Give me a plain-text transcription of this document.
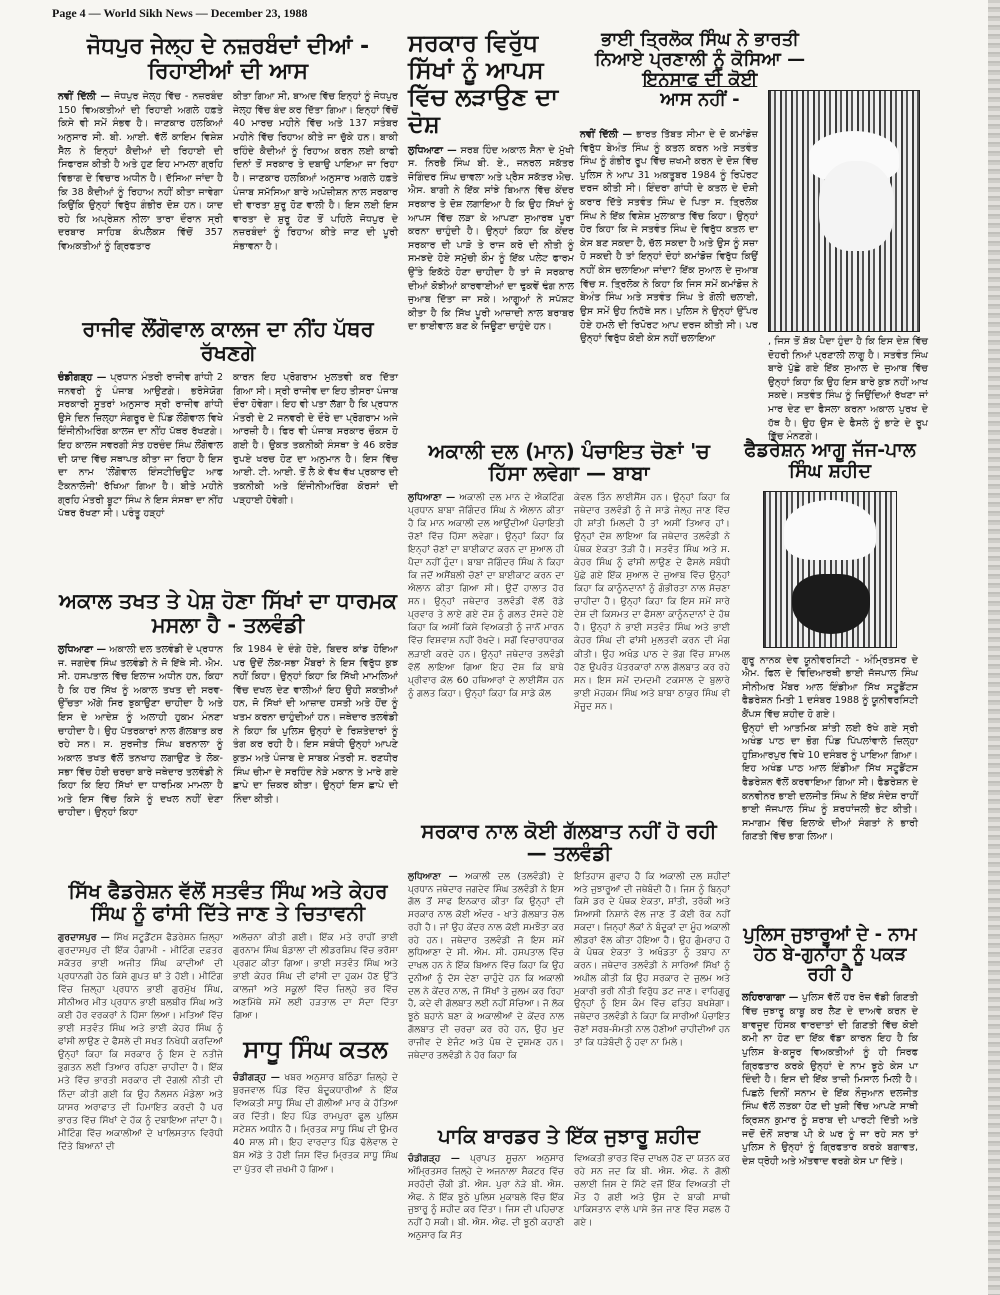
Page 4 — World Sikh News — December 23, 1988
ਜੋਧਪੁਰ ਜੇਲ੍ਹ ਦੇ ਨਜ਼ਰਬੰਦਾਂ ਦੀਆਂ - ਰਿਹਾਈਆਂ ਦੀ ਆਸ

ਨਵੀਂ ਦਿੱਲੀ — ਜੋਧਪੁਰ ਜੇਲ੍ਹ ਵਿੱਚ - ਨਜ਼ਰਬੰਦ 150 ਵਿਅਕਤੀਆਂ ਦੀ ਰਿਹਾਈ ਅਗਲੇ ਹਫ਼ਤੇ ਕਿਸੇ ਵੀ ਸਮੇਂ ਸੰਭਵ ਹੈ। ਜਾਣਕਾਰ ਹਲਕਿਆਂ ਅਨੁਸਾਰ ਸੀ. ਬੀ. ਆਈ. ਵੱਲੋਂ ਕਾਇਮ ਵਿਸ਼ੇਸ਼ ਸੈੱਲ ਨੇ ਇਨ੍ਹਾਂ ਕੈਦੀਆਂ ਦੀ ਰਿਹਾਈ ਦੀ ਸਿਫਾਰਸ਼ ਕੀਤੀ ਹੈ ਅਤੇ ਹੁਣ ਇਹ ਮਾਮਲਾ ਗ੍ਰਹਿ ਵਿਭਾਗ ਦੇ ਵਿਚਾਰ ਅਧੀਨ ਹੈ। ਦੱਸਿਆ ਜਾਂਦਾ ਹੈ ਕਿ 38 ਕੈਦੀਆਂ ਨੂੰ ਰਿਹਾਅ ਨਹੀਂ ਕੀਤਾ ਜਾਵੇਗਾ ਕਿਉਂਕਿ ਉਨ੍ਹਾਂ ਵਿਰੁੱਧ ਗੰਭੀਰ ਦੋਸ਼ ਹਨ। ਯਾਦ ਰਹੇ ਕਿ ਅਪ੍ਰੇਸ਼ਨ ਨੀਲਾ ਤਾਰਾ ਦੌਰਾਨ ਸ੍ਰੀ ਦਰਬਾਰ ਸਾਹਿਬ ਕੰਪਲੈਕਸ ਵਿੱਚੋਂ 357 ਵਿਅਕਤੀਆਂ ਨੂੰ ਗ੍ਰਿਫਤਾਰ

ਕੀਤਾ ਗਿਆ ਸੀ, ਬਾਅਦ ਵਿੱਚ ਇਨ੍ਹਾਂ ਨੂੰ ਜੋਧਪੁਰ ਜੇਲ੍ਹ ਵਿੱਚ ਬੰਦ ਕਰ ਦਿੱਤਾ ਗਿਆ। ਇਨ੍ਹਾਂ ਵਿੱਚੋਂ 40 ਮਾਰਚ ਮਹੀਨੇ ਵਿੱਚ ਅਤੇ 137 ਸਤੰਬਰ ਮਹੀਨੇ ਵਿੱਚ ਰਿਹਾਅ ਕੀਤੇ ਜਾ ਚੁੱਕੇ ਹਨ। ਬਾਕੀ ਰਹਿੰਦੇ ਕੈਦੀਆਂ ਨੂੰ ਰਿਹਾਅ ਕਰਨ ਲਈ ਕਾਫੀ ਦਿਨਾਂ ਤੋਂ ਸਰਕਾਰ ਤੇ ਦਬਾਉ ਪਾਇਆ ਜਾ ਰਿਹਾ ਹੈ। ਜਾਣਕਾਰ ਹਲਕਿਆਂ ਅਨੁਸਾਰ ਅਗਲੇ ਹਫ਼ਤੇ ਪੰਜਾਬ ਸਮੱਸਿਆ ਬਾਰੇ ਅਪੋਜ਼ੀਸ਼ਨ ਨਾਲ ਸਰਕਾਰ ਦੀ ਵਾਰਤਾ ਸ਼ੁਰੂ ਹੋਣ ਵਾਲੀ ਹੈ। ਇਸ ਲਈ ਇਸ ਵਾਰਤਾ ਦੇ ਸ਼ੁਰੂ ਹੋਣ ਤੋਂ ਪਹਿਲੇ ਜੋਧਪੁਰ ਦੇ ਨਜ਼ਰਬੰਦਾਂ ਨੂੰ ਰਿਹਾਅ ਕੀਤੇ ਜਾਣ ਦੀ ਪੂਰੀ ਸੰਭਾਵਨਾ ਹੈ।

ਰਾਜੀਵ ਲੌਂਗੋਵਾਲ ਕਾਲਜ ਦਾ ਨੀਂਹ ਪੱਥਰ ਰੱਖਣਗੇ

ਚੰਡੀਗੜ੍ਹ — ਪ੍ਰਧਾਨ ਮੰਤਰੀ ਰਾਜੀਵ ਗਾਂਧੀ 2 ਜਨਵਰੀ ਨੂੰ ਪੰਜਾਬ ਆਉਣਗੇ। ਭਰੋਸੇਯੋਗ ਸਰਕਾਰੀ ਸੂਤਰਾਂ ਅਨੁਸਾਰ ਸ੍ਰੀ ਰਾਜੀਵ ਗਾਂਧੀ ਉਸੇ ਦਿਨ ਜ਼ਿਲ੍ਹਾ ਸੰਗਰੂਰ ਦੇ ਪਿੰਡ ਲੌਂਗੋਵਾਲ ਵਿਖੇ ਇੰਜੀਨੀਅਰਿੰਗ ਕਾਲਜ ਦਾ ਨੀਂਹ ਪੱਥਰ ਰੱਖਣਗੇ। ਇਹ ਕਾਲਜ ਸਵਰਗੀ ਸੰਤ ਹਰਚੰਦ ਸਿੰਘ ਲੌਂਗੋਵਾਲ ਦੀ ਯਾਦ ਵਿੱਚ ਸਥਾਪਤ ਕੀਤਾ ਜਾ ਰਿਹਾ ਹੈ ਇਸ ਦਾ ਨਾਮ 'ਲੌਂਗੋਵਾਲ ਇੰਸਟੀਚਿਊਟ ਆਫ ਟੈਕਨਾਲੋਜੀ' ਰੱਖਿਆ ਗਿਆ ਹੈ। ਬੀਤੇ ਮਹੀਨੇ ਗ੍ਰਹਿ ਮੰਤਰੀ ਬੂਟਾ ਸਿੰਘ ਨੇ ਇਸ ਸੰਸਥਾ ਦਾ ਨੀਂਹ ਪੱਥਰ ਰੱਖਣਾ ਸੀ। ਪਰੰਤੂ ਹੜ੍ਹਾਂ

ਕਾਰਨ ਇਹ ਪ੍ਰੋਗਰਾਮ ਮੁਲਤਵੀ ਕਰ ਦਿੱਤਾ ਗਿਆ ਸੀ। ਸ੍ਰੀ ਰਾਜੀਵ ਦਾ ਇਹ ਤੀਸਰਾ ਪੰਜਾਬ ਦੌਰਾ ਹੋਵੇਗਾ। ਇਹ ਵੀ ਪਤਾ ਲੱਗਾ ਹੈ ਕਿ ਪ੍ਰਧਾਨ ਮੰਤਰੀ ਦੇ 2 ਜਨਵਰੀ ਦੇ ਦੌਰੇ ਦਾ ਪ੍ਰੋਗਰਾਮ ਅਜੇ ਆਰਜ਼ੀ ਹੈ। ਫਿਰ ਵੀ ਪੰਜਾਬ ਸਰਕਾਰ ਚੌਕਸ ਹੋ ਗਈ ਹੈ। ਉਕਤ ਤਕਨੀਕੀ ਸੰਸਥਾ ਤੇ 46 ਕਰੋੜ ਰੁਪਏ ਖਰਚ ਹੋਣ ਦਾ ਅਨੁਮਾਨ ਹੈ। ਇਸ ਵਿੱਚ ਆਈ. ਟੀ. ਆਈ. ਤੋਂ ਲੈ ਕੇ ਵੱਖ ਵੱਖ ਪ੍ਰਕਾਰ ਦੀ ਤਕਨੀਕੀ ਅਤੇ ਇੰਜੀਨੀਅਰਿੰਗ ਕੋਰਸਾਂ ਦੀ ਪੜ੍ਹਾਈ ਹੋਵੇਗੀ।

ਅਕਾਲ ਤਖਤ ਤੇ ਪੇਸ਼ ਹੋਣਾ ਸਿੱਖਾਂ ਦਾ ਧਾਰਮਕ ਮਸਲਾ ਹੈ - ਤਲਵੰਡੀ

ਲੁਧਿਆਣਾ — ਅਕਾਲੀ ਦਲ ਤਲਵੰਡੀ ਦੇ ਪ੍ਰਧਾਨ ਜ. ਜਗਦੇਵ ਸਿੰਘ ਤਲਵੰਡੀ ਨੇ ਜੋ ਇੱਥੇ ਸੀ. ਐਮ. ਸੀ. ਹਸਪਤਾਲ ਵਿੱਚ ਇਲਾਜ ਅਧੀਨ ਹਨ, ਕਿਹਾ ਹੈ ਕਿ ਹਰ ਸਿੱਖ ਨੂੰ ਅਕਾਲ ਤਖਤ ਦੀ ਸਰਵ-ਉੱਚਤਾ ਅੱਗੇ ਸਿਰ ਝੁਕਾਉਣਾ ਚਾਹੀਦਾ ਹੈ ਅਤੇ ਇਸ ਦੇ ਆਦੇਸ਼ ਨੂੰ ਅਲਾਹੀ ਹੁਕਮ ਮੰਨਣਾ ਚਾਹੀਦਾ ਹੈ। ਉਹ ਪੱਤਰਕਾਰਾਂ ਨਾਲ ਗੱਲਬਾਤ ਕਰ ਰਹੇ ਸਨ। ਸ. ਸੁਰਜੀਤ ਸਿੰਘ ਬਰਨਾਲਾ ਨੂੰ ਅਕਾਲ ਤਖਤ ਵੱਲੋਂ ਤਨਖਾਹ ਲਗਾਉਣ ਤੇ ਲੋਕ-ਸਭਾ ਵਿੱਚ ਹੋਈ ਚਰਚਾ ਬਾਰੇ ਜਥੇਦਾਰ ਤਲਵੰਡੀ ਨੇ ਕਿਹਾ ਕਿ ਇਹ ਸਿੱਖਾਂ ਦਾ ਧਾਰਮਿਕ ਮਾਮਲਾ ਹੈ ਅਤੇ ਇਸ ਵਿੱਚ ਕਿਸੇ ਨੂੰ ਦਖਲ ਨਹੀਂ ਦੇਣਾ ਚਾਹੀਦਾ। ਉਨ੍ਹਾਂ ਕਿਹਾ

ਕਿ 1984 ਦੇ ਦੰਗੇ ਹੋਏ, ਬਿਦਰ ਕਾਂਡ ਹੋਇਆ ਪਰ ਉਦੋਂ ਲੋਕ-ਸਭਾ ਮੈਂਬਰਾਂ ਨੇ ਇਸ ਵਿਰੁੱਧ ਕੁਝ ਨਹੀਂ ਕਿਹਾ। ਉਨ੍ਹਾਂ ਕਿਹਾ ਕਿ ਸਿੱਖੀ ਮਾਮਲਿਆਂ ਵਿੱਚ ਦਖਲ ਦੇਣ ਵਾਲੀਆਂ ਇਹ ਉਹੀ ਸ਼ਕਤੀਆਂ ਹਨ, ਜੋ ਸਿੱਖਾਂ ਦੀ ਆਜ਼ਾਦ ਹਸਤੀ ਅਤੇ ਹੋਂਦ ਨੂੰ ਖਤਮ ਕਰਨਾ ਚਾਹੁੰਦੀਆਂ ਹਨ। ਜਥੇਦਾਰ ਤਲਵੰਡੀ ਨੇ ਕਿਹਾ ਕਿ ਪੁਲਿਸ ਉਨ੍ਹਾਂ ਦੇ ਰਿਸ਼ਤੇਦਾਰਾਂ ਨੂੰ ਤੰਗ ਕਰ ਰਹੀ ਹੈ। ਇਸ ਸਬੰਧੀ ਉਨ੍ਹਾਂ ਆਪਣੇ ਕੁਤਮ ਅਤੇ ਪੰਜਾਬ ਦੇ ਸਾਬਕ ਮੰਤਰੀ ਸ. ਰਣਧੀਰ ਸਿੰਘ ਚੀਮਾ ਦੇ ਸਰਹਿੰਦ ਨੇੜੇ ਮਕਾਨ ਤੇ ਮਾਰੇ ਗਏ ਛਾਪੇ ਦਾ ਜ਼ਿਕਰ ਕੀਤਾ। ਉਨ੍ਹਾਂ ਇਸ ਛਾਪੇ ਦੀ ਨਿੰਦਾ ਕੀਤੀ।

ਸਿੱਖ ਫੈਡਰੇਸ਼ਨ ਵੱਲੋਂ ਸਤਵੰਤ ਸਿੰਘ ਅਤੇ ਕੇਹਰ ਸਿੰਘ ਨੂੰ ਫਾਂਸੀ ਦਿੱਤੇ ਜਾਣ ਤੇ ਚਿਤਾਵਨੀ

ਗੁਰਦਾਸਪੁਰ — ਸਿੱਖ ਸਟੂਡੈਂਟਸ ਫੈਡਰੇਸ਼ਨ ਜ਼ਿਲ੍ਹਾ ਗੁਰਦਾਸਪੁਰ ਦੀ ਇੱਕ ਹੰਗਾਮੀ - ਮੀਟਿੰਗ ਦਫ਼ਤਰ ਸਕੱਤਰ ਭਾਈ ਅਜੀਤ ਸਿੰਘ ਕਾਦੀਆਂ ਦੀ ਪ੍ਰਧਾਨਗੀ ਹੇਠ ਕਿਸੇ ਗੁਪਤ ਥਾਂ ਤੇ ਹੋਈ। ਮੀਟਿੰਗ ਵਿੱਚ ਜ਼ਿਲ੍ਹਾ ਪ੍ਰਧਾਨ ਭਾਈ ਗੁਰਮੁੱਖ ਸਿੰਘ, ਸੀਨੀਅਰ ਮੀਤ ਪ੍ਰਧਾਨ ਭਾਈ ਬਲਬੀਰ ਸਿੰਘ ਅਤੇ ਕਈ ਹੋਰ ਵਰਕਰਾਂ ਨੇ ਹਿੱਸਾ ਲਿਆ। ਮਤਿਆਂ ਵਿੱਚ ਭਾਈ ਸਤਵੰਤ ਸਿੰਘ ਅਤੇ ਭਾਈ ਕੇਹਰ ਸਿੰਘ ਨੂੰ ਫਾਂਸੀ ਲਾਉਣ ਦੇ ਫੈਸਲੇ ਦੀ ਸਖਤ ਨਿਖੇਧੀ ਕਰਦਿਆਂ ਉਨ੍ਹਾਂ ਕਿਹਾ ਕਿ ਸਰਕਾਰ ਨੂੰ ਇਸ ਦੇ ਨਤੀਜੇ ਭੁਗਤਨ ਲਈ ਤਿਆਰ ਰਹਿਣਾ ਚਾਹੀਦਾ ਹੈ। ਇੱਕ ਮਤੇ ਵਿੱਚ ਭਾਰਤੀ ਸਰਕਾਰ ਦੀ ਦੋਗਲੀ ਨੀਤੀ ਦੀ ਨਿੰਦਾ ਕੀਤੀ ਗਈ ਕਿ ਉਹ ਨੈਲਸਨ ਮੰਡੇਲਾ ਅਤੇ ਯਾਸਰ ਅਰਾਫਾਤ ਦੀ ਹਿਮਾਇਤ ਕਰਦੀ ਹੈ ਪਰ ਭਾਰਤ ਵਿੱਚ ਸਿੱਖਾਂ ਦੇ ਹੱਕ ਨੂੰ ਦਬਾਇਆ ਜਾਂਦਾ ਹੈ। ਮੀਟਿੰਗ ਵਿੱਚ ਅਕਾਲੀਆਂ ਦੇ ਖਾਲਿਸਤਾਨ ਵਿਰੋਧੀ ਦਿੱਤੇ ਬਿਆਨਾਂ ਦੀ

ਅਲੋਚਨਾ ਕੀਤੀ ਗਈ। ਇੱਕ ਮਤੇ ਰਾਹੀਂ ਭਾਈ ਗੁਰਨਾਮ ਸਿੰਘ ਬੰਡਾਲਾ ਦੀ ਲੀਡਰਸ਼ਿਪ ਵਿੱਚ ਭਰੋਸਾ ਪ੍ਰਗਟ ਕੀਤਾ ਗਿਆ। ਭਾਈ ਸਤਵੰਤ ਸਿੰਘ ਅਤੇ ਭਾਈ ਕੇਹਰ ਸਿੰਘ ਦੀ ਫਾਂਸੀ ਦਾ ਹੁਕਮ ਹੋਣ ਉੱਤੇ ਕਾਲਜਾਂ ਅਤੇ ਸਕੂਲਾਂ ਵਿੱਚ ਜ਼ਿਲ੍ਹੇ ਭਰ ਵਿੱਚ ਅਣਮਿੱਥੇ ਸਮੇਂ ਲਈ ਹੜਤਾਲ ਦਾ ਸੱਦਾ ਦਿੱਤਾ ਗਿਆ।

ਸਾਧੂ ਸਿੰਘ ਕਤਲ

ਚੰਡੀਗੜ੍ਹ — ਖਬਰ ਅਨੁਸਾਰ ਬਠਿੰਡਾ ਜ਼ਿਲ੍ਹੇ ਦੇ ਬੁਰਜਵਾਲ ਪਿੰਡ ਵਿੱਚ ਬੰਦੂਕਧਾਰੀਆਂ ਨੇ ਇੱਕ ਵਿਅਕਤੀ ਸਾਧੂ ਸਿੰਘ ਦੀ ਗੋਲੀਆਂ ਮਾਰ ਕੇ ਹੱਤਿਆ ਕਰ ਦਿੱਤੀ। ਇਹ ਪਿੰਡ ਰਾਮਪੁਰਾ ਫੂਲ ਪੁਲਿਸ ਸਟੇਸ਼ਨ ਅਧੀਨ ਹੈ। ਮ੍ਰਿਤਕ ਸਾਧੂ ਸਿੰਘ ਦੀ ਉਮਰ 40 ਸਾਲ ਸੀ। ਇਹ ਵਾਰਦਾਤ ਪਿੰਡ ਢੱਲੇਵਾਲ ਦੇ ਬੱਸ ਅੱਡੇ ਤੇ ਹੋਈ ਜਿਸ ਵਿੱਚ ਮ੍ਰਿਤਕ ਸਾਧੂ ਸਿੰਘ ਦਾ ਪੁੱਤਰ ਵੀ ਜ਼ਖਮੀ ਹੋ ਗਿਆ।

ਸਰਕਾਰ ਵਿਰੁੱਧ ਸਿੱਖਾਂ ਨੂੰ ਆਪਸ ਵਿੱਚ ਲੜਾਉਣ ਦਾ ਦੋਸ਼

ਲੁਧਿਆਣਾ — ਸਰਬ ਹਿੰਦ ਅਕਾਲ ਸੈਨਾ ਦੇ ਮੁੱਖੀ ਸ. ਨਿਰਭੈ ਸਿੰਘ ਬੀ. ਏ., ਜਨਰਲ ਸਕੱਤਰ ਜੋਗਿੰਦਰ ਸਿੰਘ ਚਾਵਲਾ ਅਤੇ ਪ੍ਰੈਸ ਸਕੱਤਰ ਐਚ. ਐਸ. ਬਾਗੀ ਨੇ ਇੱਕ ਸਾਂਝੇ ਬਿਆਨ ਵਿੱਚ ਕੇਂਦਰ ਸਰਕਾਰ ਤੇ ਦੋਸ਼ ਲਗਾਇਆ ਹੈ ਕਿ ਉਹ ਸਿੱਖਾਂ ਨੂੰ ਆਪਸ ਵਿੱਚ ਲੜਾ ਕੇ ਆਪਣਾ ਸੁਆਰਥ ਪੂਰਾ ਕਰਨਾ ਚਾਹੁੰਦੀ ਹੈ। ਉਨ੍ਹਾਂ ਕਿਹਾ ਕਿ ਕੇਂਦਰ ਸਰਕਾਰ ਦੀ ਪਾੜੋ ਤੇ ਰਾਜ ਕਰੋ ਦੀ ਨੀਤੀ ਨੂੰ ਸਮਝਦੇ ਹੋਏ ਸਮੁੱਚੀ ਕੌਮ ਨੂੰ ਇੱਕ ਪਲੇਟ ਫਾਰਮ ਉੱਤੇ ਇਕੱਠੇ ਹੋਣਾ ਚਾਹੀਦਾ ਹੈ ਤਾਂ ਜੋ ਸਰਕਾਰ ਦੀਆਂ ਕੋਝੀਆਂ ਕਾਰਵਾਈਆਂ ਦਾ ਢੁਕਵੇਂ ਢੰਗ ਨਾਲ ਜੁਆਬ ਦਿੱਤਾ ਜਾ ਸਕੇ। ਆਗੂਆਂ ਨੇ ਸਪੱਸ਼ਟ ਕੀਤਾ ਹੈ ਕਿ ਸਿੱਖ ਪੂਰੀ ਆਜ਼ਾਦੀ ਨਾਲ ਬਰਾਬਰ ਦਾ ਭਾਈਵਾਲ ਬਣ ਕੇ ਜਿਊਣਾ ਚਾਹੁੰਦੇ ਹਨ।

ਭਾਈ ਤ੍ਰਿਲੋਕ ਸਿੰਘ ਨੇ ਭਾਰਤੀ ਨਿਆਏ ਪ੍ਰਣਾਲੀ ਨੂੰ ਕੋਸਿਆ — ਇਨਸਾਫ ਦੀ ਕੋਈ
ਆਸ ਨਹੀਂ -

ਨਵੀਂ ਦਿੱਲੀ — ਭਾਰਤ ਤਿੱਬਤ ਸੀਮਾ ਦੇ ਦੋ ਕਮਾਂਡੋਜ਼ ਵਿਰੁੱਧ ਬੇਅੰਤ ਸਿੰਘ ਨੂੰ ਕਤਲ ਕਰਨ ਅਤੇ ਸਤਵੰਤ ਸਿੰਘ ਨੂੰ ਗੰਭੀਰ ਰੂਪ ਵਿੱਚ ਜ਼ਖਮੀ ਕਰਨ ਦੇ ਦੋਸ਼ ਵਿੱਚ ਪੁਲਿਸ ਨੇ ਆਪ 31 ਅਕਤੂਬਰ 1984 ਨੂੰ ਰਿਪੋਰਟ ਦਰਜ ਕੀਤੀ ਸੀ। ਇੰਦਰਾ ਗਾਂਧੀ ਦੇ ਕਤਲ ਦੇ ਦੋਸ਼ੀ ਕਰਾਰ ਦਿੱਤੇ ਸਤਵੰਤ ਸਿੰਘ ਦੇ ਪਿਤਾ ਸ. ਤ੍ਰਿਲੋਕ ਸਿੰਘ ਨੇ ਇੱਕ ਵਿਸ਼ੇਸ਼ ਮੁਲਾਕਾਤ ਵਿੱਚ ਕਿਹਾ। ਉਨ੍ਹਾਂ ਹੋਰ ਕਿਹਾ ਕਿ ਜੇ ਸਤਵੰਤ ਸਿੰਘ ਦੇ ਵਿਰੁੱਧ ਕਤਲ ਦਾ ਕੇਸ ਬਣ ਸਕਦਾ ਹੈ, ਚੱਲ ਸਕਦਾ ਹੈ ਅਤੇ ਉਸ ਨੂੰ ਸਜ਼ਾ ਹੋ ਸਕਦੀ ਹੈ ਤਾਂ ਇਨ੍ਹਾਂ ਦੋਹਾਂ ਕਮਾਂਡੋਜ਼ ਵਿਰੁੱਧ ਕਿਉਂ ਨਹੀਂ ਕੇਸ ਚਲਾਇਆ ਜਾਂਦਾ? ਇੱਕ ਸੁਆਲ ਦੇ ਜੁਆਬ ਵਿੱਚ ਸ. ਤ੍ਰਿਲੋਕ ਨੇ ਕਿਹਾ ਕਿ ਜਿਸ ਸਮੇਂ ਕਮਾਂਡੋਜ਼ ਨੇ ਬੇਅੰਤ ਸਿੰਘ ਅਤੇ ਸਤਵੰਤ ਸਿੰਘ ਤੇ ਗੋਲੀ ਚਲਾਈ, ਉਸ ਸਮੇਂ ਉਹ ਨਿਹੱਥੇ ਸਨ। ਪੁਲਿਸ ਨੇ ਉਨ੍ਹਾਂ ਉੱਪਰ ਹੋਏ ਹਮਲੇ ਦੀ ਰਿਪੋਰਟ ਆਪ ਦਰਜ ਕੀਤੀ ਸੀ। ਪਰ ਉਨ੍ਹਾਂ ਵਿਰੁੱਧ ਕੋਈ ਕੇਸ ਨਹੀਂ ਚਲਾਇਆ	, ਜਿਸ ਤੋਂ ਸ਼ੱਕ ਪੈਦਾ ਹੁੰਦਾ ਹੈ ਕਿ ਇਸ ਦੇਸ਼ ਵਿੱਚ ਦੋਹਰੀ ਨਿਆਂ ਪ੍ਰਣਾਲੀ ਲਾਗੂ ਹੈ। ਸਤਵੰਤ ਸਿੰਘ ਬਾਰੇ ਪੁੱਛੇ ਗਏ ਇੱਕ ਸੁਆਲ ਦੇ ਜੁਆਬ ਵਿੱਚ ਉਨ੍ਹਾਂ ਕਿਹਾ ਕਿ ਉਹ ਇਸ ਬਾਰੇ ਕੁਝ ਨਹੀਂ ਆਖ ਸਕਦੇ। ਸਤਵੰਤ ਸਿੰਘ ਨੂੰ ਜਿਉਂਦਿਆਂ ਰੱਖਣਾ ਜਾਂ ਮਾਰ ਦੇਣ ਦਾ ਫੈਸਲਾ ਕਰਨਾ ਅਕਾਲ ਪੁਰਖ ਦੇ ਹੱਥ ਹੈ। ਉਹ ਉਸ ਦੇ ਫੈਸਲੇ ਨੂੰ ਭਾਣੇ ਦੇ ਰੂਪ ਵਿੱਚ ਮੰਨਣਗੇ।

ਅਕਾਲੀ ਦਲ (ਮਾਨ) ਪੰਚਾਇਤ ਚੋਣਾਂ 'ਚ ਹਿੱਸਾ ਲਵੇਗਾ — ਬਾਬਾ

ਲੁਧਿਆਣਾ — ਅਕਾਲੀ ਦਲ ਮਾਨ ਦੇ ਐਕਟਿੰਗ ਪ੍ਰਧਾਨ ਬਾਬਾ ਜੋਗਿੰਦਰ ਸਿੰਘ ਨੇ ਐਲਾਨ ਕੀਤਾ ਹੈ ਕਿ ਮਾਨ ਅਕਾਲੀ ਦਲ ਆਉਂਦੀਆਂ ਪੰਚਾਇਤੀ ਚੋਣਾਂ ਵਿੱਚ ਹਿੱਸਾ ਲਵੇਗਾ। ਉਨ੍ਹਾਂ ਕਿਹਾ ਕਿ ਇਨ੍ਹਾਂ ਚੋਣਾਂ ਦਾ ਬਾਈਕਾਟ ਕਰਨ ਦਾ ਸੁਆਲ ਹੀ ਪੈਦਾ ਨਹੀਂ ਹੁੰਦਾ। ਬਾਬਾ ਜੋਗਿੰਦਰ ਸਿੰਘ ਨੇ ਕਿਹਾ ਕਿ ਜਦੋਂ ਅਸੈਂਬਲੀ ਚੋਣਾਂ ਦਾ ਬਾਈਕਾਟ ਕਰਨ ਦਾ ਐਲਾਨ ਕੀਤਾ ਗਿਆ ਸੀ। ਉਦੋਂ ਹਾਲਾਤ ਹੋਰ ਸਨ। ਉਨ੍ਹਾਂ ਜਥੇਦਾਰ ਤਲਵੰਡੀ ਵੱਲੋਂ ਰੋਡੇ ਪ੍ਰਵਾਰ ਤੇ ਲਾਏ ਗਏ ਦੋਸ਼ ਨੂੰ ਗਲਤ ਦੱਸਦੇ ਹੋਏ ਕਿਹਾ ਕਿ ਅਸੀਂ ਕਿਸੇ ਵਿਅਕਤੀ ਨੂੰ ਜਾਨੋਂ ਮਾਰਨ ਵਿੱਚ ਵਿਸ਼ਵਾਸ਼ ਨਹੀਂ ਰੱਖਦੇ। ਸਗੋਂ ਵਿਚਾਰਧਾਰਕ ਲੜਾਈ ਕਰਦੇ ਹਨ। ਉਨ੍ਹਾਂ ਜਥੇਦਾਰ ਤਲਵੰਡੀ ਵੱਲੋਂ ਲਾਇਆ ਗਿਆ ਇਹ ਦੋਸ਼ ਕਿ ਬਾਬੇ ਪ੍ਰੀਵਾਰ ਕੋਲ 60 ਹਥਿਆਰਾਂ ਦੇ ਲਾਈਸੈਂਸ ਹਨ ਨੂੰ ਗਲਤ ਕਿਹਾ। ਉਨ੍ਹਾਂ ਕਿਹਾ ਕਿ ਸਾਡੇ ਕੋਲ

ਕੇਵਲ ਤਿੰਨ ਲਾਈਸੈਂਸ ਹਨ। ਉਨ੍ਹਾਂ ਕਿਹਾ ਕਿ ਜਥੇਦਾਰ ਤਲਵੰਡੀ ਨੂੰ ਜੇ ਸਾਡੇ ਜੇਲ੍ਹ ਜਾਣ ਵਿੱਚ ਹੀ ਸ਼ਾਂਤੀ ਮਿਲਦੀ ਹੈ ਤਾਂ ਅਸੀਂ ਤਿਆਰ ਹਾਂ। ਉਨ੍ਹਾਂ ਦੋਸ਼ ਲਾਇਆ ਕਿ ਜਥੇਦਾਰ ਤਲਵੰਡੀ ਨੇ ਪੰਥਕ ਏਕਤਾ ਤੋੜੀ ਹੈ। ਸਤਵੰਤ ਸਿੰਘ ਅਤੇ ਸ. ਕੇਹਰ ਸਿੰਘ ਨੂੰ ਫਾਂਸੀ ਲਾਉਣ ਦੇ ਫੈਸਲੇ ਸਬੰਧੀ ਪੁੱਛੇ ਗਏ ਇੱਕ ਸੁਆਲ ਦੇ ਜੁਆਬ ਵਿੱਚ ਉਨ੍ਹਾਂ ਕਿਹਾ ਕਿ ਕਾਨੂੰਨਦਾਨਾਂ ਨੂੰ ਗੰਭੀਰਤਾ ਨਾਲ ਸੋਚਣਾ ਚਾਹੀਦਾ ਹੈ। ਉਨ੍ਹਾਂ ਕਿਹਾ ਕਿ ਇਸ ਸਮੇਂ ਸਾਰੇ ਦੇਸ਼ ਦੀ ਕਿਸਮਤ ਦਾ ਫੈਸਲਾ ਕਾਨੂੰਨਦਾਨਾਂ ਦੇ ਹੱਥ ਹੈ। ਉਨ੍ਹਾਂ ਨੇ ਭਾਈ ਸਤਵੰਤ ਸਿੰਘ ਅਤੇ ਭਾਈ ਕੇਹਰ ਸਿੰਘ ਦੀ ਫਾਂਸੀ ਮੁਲਤਵੀ ਕਰਨ ਦੀ ਮੰਗ ਕੀਤੀ। ਉਹ ਅਖੰਡ ਪਾਠ ਦੇ ਭੋਗ ਵਿੱਚ ਸ਼ਾਮਲ ਹੋਣ ਉਪਰੰਤ ਪੱਤਰਕਾਰਾਂ ਨਾਲ ਗੱਲਬਾਤ ਕਰ ਰਹੇ ਸਨ। ਇਸ ਸਮੇਂ ਦਮਦਮੀ ਟਕਸਾਲ ਦੇ ਬੁਲਾਰੇ ਭਾਈ ਮੋਹਕਮ ਸਿੰਘ ਅਤੇ ਬਾਬਾ ਠਾਕੁਰ ਸਿੰਘ ਵੀ ਮੌਜੂਦ ਸਨ।

ਸਰਕਾਰ ਨਾਲ ਕੋਈ ਗੱਲਬਾਤ ਨਹੀਂ ਹੋ ਰਹੀ — ਤਲਵੰਡੀ

ਲੁਧਿਆਣਾ — ਅਕਾਲੀ ਦਲ (ਤਲਵੰਡੀ) ਦੇ ਪ੍ਰਧਾਨ ਜਥੇਦਾਰ ਜਗਦੇਵ ਸਿੰਘ ਤਲਵੰਡੀ ਨੇ ਇਸ ਗੱਲ ਤੋਂ ਸਾਫ ਇਨਕਾਰ ਕੀਤਾ ਕਿ ਉਨ੍ਹਾਂ ਦੀ ਸਰਕਾਰ ਨਾਲ ਕੋਈ ਅੰਦਰ - ਖਾਤੇ ਗੱਲਬਾਤ ਚੱਲ ਰਹੀ ਹੈ। ਜਾਂ ਉਹ ਕੇਂਦਰ ਨਾਲ ਕੋਈ ਸਮਝੌਤਾ ਕਰ ਰਹੇ ਹਨ। ਜਥੇਦਾਰ ਤਲਵੰਡੀ ਜੋ ਇਸ ਸਮੇਂ ਲੁਧਿਆਣਾ ਦੇ ਸੀ. ਐਮ. ਸੀ. ਹਸਪਤਾਲ ਵਿੱਚ ਦਾਖਲ ਹਨ ਨੇ ਇੱਕ ਬਿਆਨ ਵਿੱਚ ਕਿਹਾ ਕਿ ਉਹ ਦੁਨੀਆਂ ਨੂੰ ਦੱਸ ਦੇਣਾ ਚਾਹੁੰਦੇ ਹਨ ਕਿ ਅਕਾਲੀ ਦਲ ਨੇ ਕੇਂਦਰ ਨਾਲ, ਜੋ ਸਿੱਖਾਂ ਤੇ ਜ਼ੁਲਮ ਕਰ ਰਿਹਾ ਹੈ, ਕਦੇ ਵੀ ਗੱਲਬਾਤ ਲਈ ਨਹੀਂ ਸੋਚਿਆ। ਜੋ ਲੋਕ ਝੂਠੇ ਬਹਾਨੇ ਬਣਾ ਕੇ ਅਕਾਲੀਆਂ ਦੇ ਕੇਂਦਰ ਨਾਲ ਗੱਲਬਾਤ ਦੀ ਚਰਚਾ ਕਰ ਰਹੇ ਹਨ, ਉਹ ਖੁਦ ਰਾਜੀਵ ਦੇ ਏਜੰਟ ਅਤੇ ਪੰਥ ਦੇ ਦੁਸ਼ਮਣ ਹਨ। ਜਥੇਦਾਰ ਤਲਵੰਡੀ ਨੇ ਹੋਰ ਕਿਹਾ ਕਿ

ਇਤਿਹਾਸ ਗੁਵਾਹ ਹੈ ਕਿ ਅਕਾਲੀ ਦਲ ਸ਼ਹੀਦਾਂ ਅਤੇ ਜੁਝਾਰੂਆਂ ਦੀ ਜਥੇਬੰਦੀ ਹੈ। ਜਿਸ ਨੂੰ ਬਿਨ੍ਹਾਂ ਕਿਸੇ ਡਰ ਦੇ ਪੰਥਕ ਏਕਤਾ, ਸ਼ਾਂਤੀ, ਤਰੱਕੀ ਅਤੇ ਸਿਆਸੀ ਨਿਸ਼ਾਨੇ ਵੱਲ ਜਾਣ ਤੋਂ ਕੋਈ ਰੋਕ ਨਹੀਂ ਸਕਦਾ। ਜਿਨ੍ਹਾਂ ਲੋਕਾਂ ਨੇ ਬੰਦੂਕਾਂ ਦਾ ਮੂੰਹ ਅਕਾਲੀ ਲੀਡਰਾਂ ਵੱਲ ਕੀਤਾ ਹੋਇਆ ਹੈ। ਉਹ ਗੁੰਮਰਾਹ ਹੋ ਕੇ ਪੰਥਕ ਏਕਤਾ ਤੇ ਅਖੰਡਤਾ ਨੂੰ ਤਬਾਹ ਨਾ ਕਰਨ। ਜਥੇਦਾਰ ਤਲਵੰਡੀ ਨੇ ਸਾਰਿਆਂ ਸਿੱਖਾਂ ਨੂੰ ਅਪੀਲ ਕੀਤੀ ਕਿ ਉਹ ਸਰਕਾਰ ਦੇ ਜ਼ੁਲਮ ਅਤੇ ਮੁਕਾਰੀ ਭਰੀ ਨੀਤੀ ਵਿਰੁੱਧ ਡਟ ਜਾਣ। ਵਾਹਿਗੁਰੂ ਉਨ੍ਹਾਂ ਨੂੰ ਇਸ ਕੰਮ ਵਿੱਚ ਫਤਿਹ ਬਖਸ਼ੇਗਾ। ਜਥੇਦਾਰ ਤਲਵੰਡੀ ਨੇ ਕਿਹਾ ਕਿ ਸਾਰੀਆਂ ਪੰਚਾਇਤ ਚੋਣਾਂ ਸਰਬ-ਸੰਮਤੀ ਨਾਲ ਹੋਣੀਆਂ ਚਾਹੀਦੀਆਂ ਹਨ ਤਾਂ ਕਿ ਧੜੇਬੰਦੀ ਨੂੰ ਹਵਾ ਨਾ ਮਿਲੇ।

ਪਾਕਿ ਬਾਰਡਰ ਤੇ ਇੱਕ ਜੁਝਾਰੂ ਸ਼ਹੀਦ

ਚੰਡੀਗੜ੍ਹ — ਪ੍ਰਾਪਤ ਸੂਚਨਾ ਅਨੁਸਾਰ ਅੰਮ੍ਰਿਤਸਰ ਜ਼ਿਲ੍ਹੇ ਦੇ ਅਜਨਾਲਾ ਸੈਕਟਰ ਵਿੱਚ ਸਰਹੱਦੀ ਚੌਂਕੀ ਡੀ. ਐਸ. ਪੁਰਾ ਨੇੜੇ ਬੀ. ਐਸ. ਐਫ. ਨੇ ਇੱਕ ਝੂਠੇ ਪੁਲਿਸ ਮੁਕਾਬਲੇ ਵਿੱਚ ਇੱਕ ਜੁਝਾਰੂ ਨੂੰ ਸ਼ਹੀਦ ਕਰ ਦਿੱਤਾ। ਜਿਸ ਦੀ ਪਹਿਚਾਣ ਨਹੀਂ ਹੋ ਸਕੀ। ਬੀ. ਐਸ. ਐਫ. ਦੀ ਝੂਠੀ ਕਹਾਣੀ ਅਨੁਸਾਰ ਕਿ ਸੱਤ

ਵਿਅਕਤੀ ਭਾਰਤ ਵਿੱਚ ਦਾਖਲ ਹੋਣ ਦਾ ਯਤਨ ਕਰ ਰਹੇ ਸਨ ਜਦ ਕਿ ਬੀ. ਐਸ. ਐਫ. ਨੇ ਗੋਲੀ ਚਲਾਈ ਜਿਸ ਦੇ ਸਿੱਟੇ ਵਜੋਂ ਇੱਕ ਵਿਅਕਤੀ ਦੀ ਮੌਤ ਹੋ ਗਈ ਅਤੇ ਉਸ ਦੇ ਬਾਕੀ ਸਾਥੀ ਪਾਕਿਸਤਾਨ ਵਾਲੇ ਪਾਸੇ ਭੱਜ ਜਾਣ ਵਿੱਚ ਸਫਲ ਹੋ ਗਏ।

ਫੈਡਰੇਸ਼ਨ ਆਗੂ ਜੱਜ-ਪਾਲ ਸਿੰਘ ਸ਼ਹੀਦ

ਗੁਰੂ ਨਾਨਕ ਦੇਵ ਯੂਨੀਵਰਸਿਟੀ - ਅੰਮ੍ਰਿਤਸਰ ਦੇ ਐਮ. ਫਿਲ ਦੇ ਵਿਦਿਆਰਥੀ ਭਾਈ ਜੱਜਪਾਲ ਸਿੰਘ ਸੀਨੀਅਰ ਮੈਂਬਰ ਆਲ ਇੰਡੀਆ ਸਿੱਖ ਸਟੂਡੈਂਟਸ ਫੈਡਰੇਸ਼ਨ ਮਿਤੀ 1 ਦਸੰਬਰ 1988 ਨੂੰ ਯੂਨੀਵਰਸਿਟੀ ਕੈਂਪਸ ਵਿੱਚ ਸ਼ਹੀਦ ਹੋ ਗਏ।

ਉਨ੍ਹਾਂ ਦੀ ਆਤਮਿਕ ਸ਼ਾਂਤੀ ਲਈ ਰੱਖੇ ਗਏ ਸ੍ਰੀ ਅਖੰਡ ਪਾਠ ਦਾ ਭੋਗ ਪਿੰਡ ਪਿੱਪਲਾਂਵਾਲੇ ਜ਼ਿਲ੍ਹਾ ਹੁਸ਼ਿਆਰਪੁਰ ਵਿਖੇ 10 ਦਸੰਬਰ ਨੂੰ ਪਾਇਆ ਗਿਆ। ਇਹ ਅਖੰਡ ਪਾਠ ਆਲ ਇੰਡੀਆ ਸਿੱਖ ਸਟੂਡੈਂਟਸ ਫੈਡਰੇਸ਼ਨ ਵੱਲੋਂ ਕਰਵਾਇਆ ਗਿਆ ਸੀ। ਫੈਡਰੇਸ਼ਨ ਦੇ ਕਨਵੀਨਰ ਭਾਈ ਦਲਜੀਤ ਸਿੰਘ ਨੇ ਇੱਕ ਸੰਦੇਸ਼ ਰਾਹੀਂ ਭਾਈ ਜੱਜਪਾਲ ਸਿੰਘ ਨੂੰ ਸ਼ਰਧਾਂਜਲੀ ਭੇਟ ਕੀਤੀ। ਸਮਾਗਮ ਵਿੱਚ ਇਲਾਕੇ ਦੀਆਂ ਸੰਗਤਾਂ ਨੇ ਭਾਰੀ ਗਿਣਤੀ ਵਿੱਚ ਭਾਗ ਲਿਆ।

ਪੁਲਿਸ ਜੁਝਾਰੂਆਂ ਦੇ - ਨਾਮ ਹੇਠ ਬੇ-ਗੁਨਾਂਹਾ ਨੂੰ ਪਕੜ ਰਹੀ ਹੈ

ਲਹਿਰਾਗਾਗਾ — ਪੁਲਿਸ ਵੱਲੋਂ ਹਰ ਰੋਜ਼ ਵੱਡੀ ਗਿਣਤੀ ਵਿੱਚ ਜੁਝਾਰੂ ਕਾਬੂ ਕਰ ਲੈਣ ਦੇ ਦਾਅਵੇ ਕਰਨ ਦੇ ਬਾਵਜੂਦ ਹਿੰਸਕ ਵਾਰਦਾਤਾਂ ਦੀ ਗਿਣਤੀ ਵਿੱਚ ਕੋਈ ਕਮੀ ਨਾ ਹੋਣ ਦਾ ਇੱਕ ਵੱਡਾ ਕਾਰਨ ਇਹ ਹੈ ਕਿ ਪੁਲਿਸ ਬੇ-ਕਸੂਰ ਵਿਅਕਤੀਆਂ ਨੂੰ ਹੀ ਸਿਰਫ ਗ੍ਰਿਫਤਾਰ ਕਰਕੇ ਉਨ੍ਹਾਂ ਦੇ ਨਾਮ ਝੂਠੇ ਕੇਸ ਪਾ ਦਿੰਦੀ ਹੈ। ਇਸ ਦੀ ਇੱਕ ਤਾਜ਼ੀ ਮਿਸਾਲ ਮਿਲੀ ਹੈ। ਪਿਛਲੇ ਦਿਨੀਂ ਸਨਾਮ ਦੇ ਇੱਕ ਨੌਜੁਆਨ ਦਲਜੀਤ ਸਿੰਘ ਵੱਲੋਂ ਲਤਕਾ ਹੋਣ ਦੀ ਖੁਸ਼ੀ ਵਿੱਚ ਆਪਣੇ ਸਾਥੀ ਕ੍ਰਿਸ਼ਨ ਕੁਮਾਰ ਨੂੰ ਸ਼ਰਾਬ ਦੀ ਪਾਰਟੀ ਦਿੱਤੀ ਅਤੇ ਜਦੋਂ ਦੋਨੋਂ ਸ਼ਰਾਬ ਪੀ ਕੇ ਘਰ ਨੂੰ ਜਾ ਰਹੇ ਸਨ ਤਾਂ ਪੁਲਿਸ ਨੇ ਉਨ੍ਹਾਂ ਨੂੰ ਗ੍ਰਿਫਤਾਰ ਕਰਕੇ ਬਗਾਵਤ, ਦੇਸ਼ ਧ੍ਰੋਹੀ ਅਤੇ ਅੱਤਵਾਦ ਵਰਗੇ ਕੇਸ ਪਾ ਦਿੱਤੇ।
